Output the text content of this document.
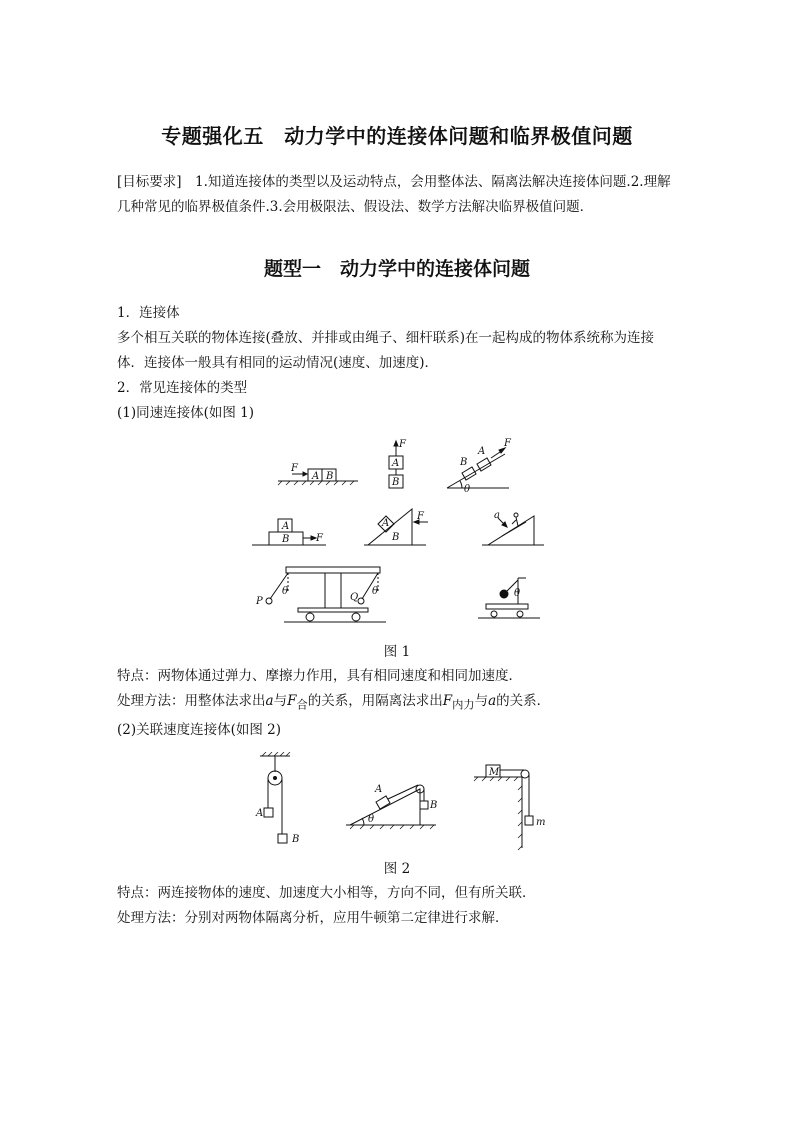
专题强化五　动力学中的连接体问题和临界极值问题

[目标要求]　1.知道连接体的类型以及运动特点，会用整体法、隔离法解决连接体问题.2.理解

几种常见的临界极值条件.3.会用极限法、假设法、数学方法解决临界极值问题．

题型一　动力学中的连接体问题

1．连接体

多个相互关联的物体连接(叠放、并排或由绳子、细杆联系)在一起构成的物体系统称为连接

体．连接体一般具有相同的运动情况(速度、加速度)．

2．常见连接体的类型

(1)同速连接体(如图 1)

A B
F
F
A
B
θ
A
B
F
A
B	F
A
B
F	a
P	Q
θ	θ	θ
图 1

特点：两物体通过弹力、摩擦力作用，具有相同速度和相同加速度．

处理方法：用整体法求出a与$F_合$的关系，用隔离法求出$F_{内力}$与a的关系．

(2)关联速度连接体(如图 2)

A
B
θ
A
B
M
m
图 2

特点：两连接物体的速度、加速度大小相等，方向不同，但有所关联．

处理方法：分别对两物体隔离分析，应用牛顿第二定律进行求解．
